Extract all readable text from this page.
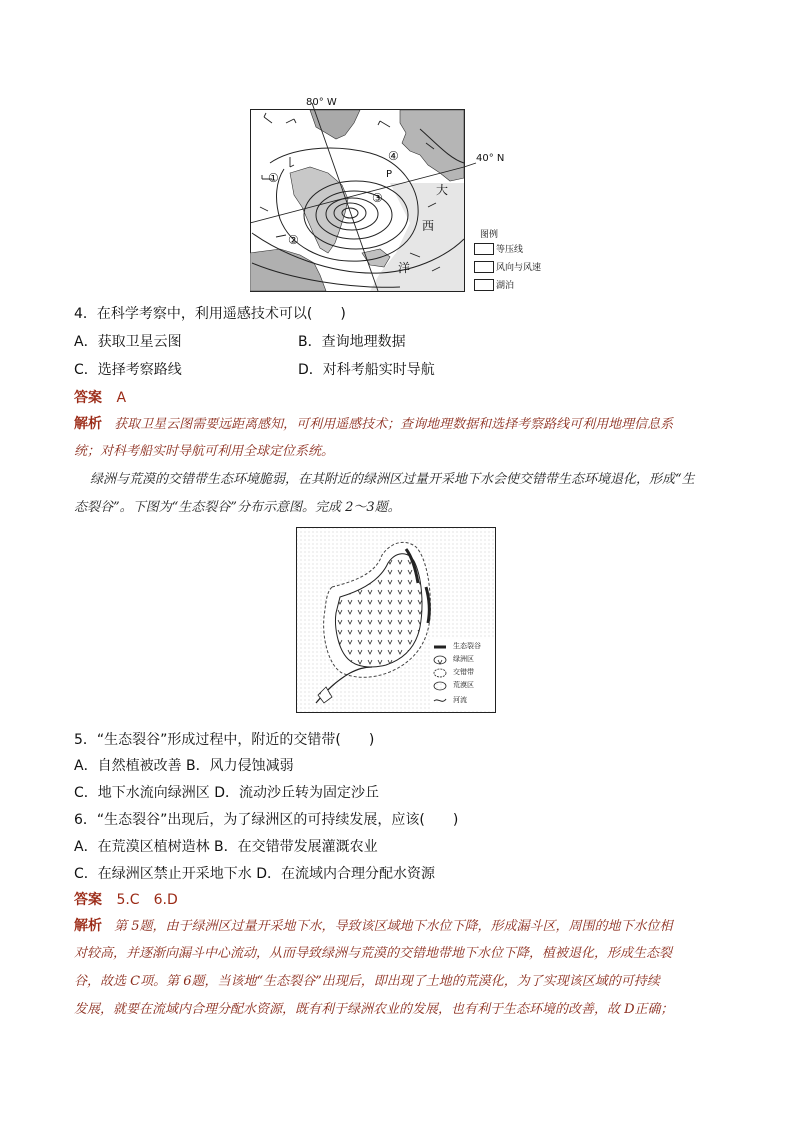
80° W
40° N
①
②
③
④
P
大
西
洋
图例
等压线
风向与风速
湖泊
4．在科学考察中，利用遥感技术可以(　　)
A．获取卫星云图	B．查询地理数据
C．选择考察路线	D．对科考船实时导航
答案 A
解析 获取卫星云图需要远距离感知，可利用遥感技术；查询地理数据和选择考察路线可利用地理信息系
统；对科考船实时导航可利用全球定位系统。
绿洲与荒漠的交错带生态环境脆弱，在其附近的绿洲区过量开采地下水会使交错带生态环境退化，形成“生
态裂谷”。下图为“生态裂谷”分布示意图。完成 2～3题。
生态裂谷
绿洲区
交错带
荒漠区
河流
5．“生态裂谷”形成过程中，附近的交错带(　　)
A．自然植被改善 B．风力侵蚀减弱
C．地下水流向绿洲区 D．流动沙丘转为固定沙丘
6．“生态裂谷”出现后，为了绿洲区的可持续发展，应该(　　)
A．在荒漠区植树造林 B．在交错带发展灌溉农业
C．在绿洲区禁止开采地下水 D．在流域内合理分配水资源
答案 5.C　6.D
解析 第 5题，由于绿洲区过量开采地下水，导致该区域地下水位下降，形成漏斗区，周围的地下水位相
对较高，并逐渐向漏斗中心流动，从而导致绿洲与荒漠的交错地带地下水位下降，植被退化，形成生态裂
谷，故选 C项。第 6题，当该地“生态裂谷”出现后，即出现了土地的荒漠化，为了实现该区域的可持续
发展，就要在流域内合理分配水资源，既有利于绿洲农业的发展，也有利于生态环境的改善，故 D正确；
